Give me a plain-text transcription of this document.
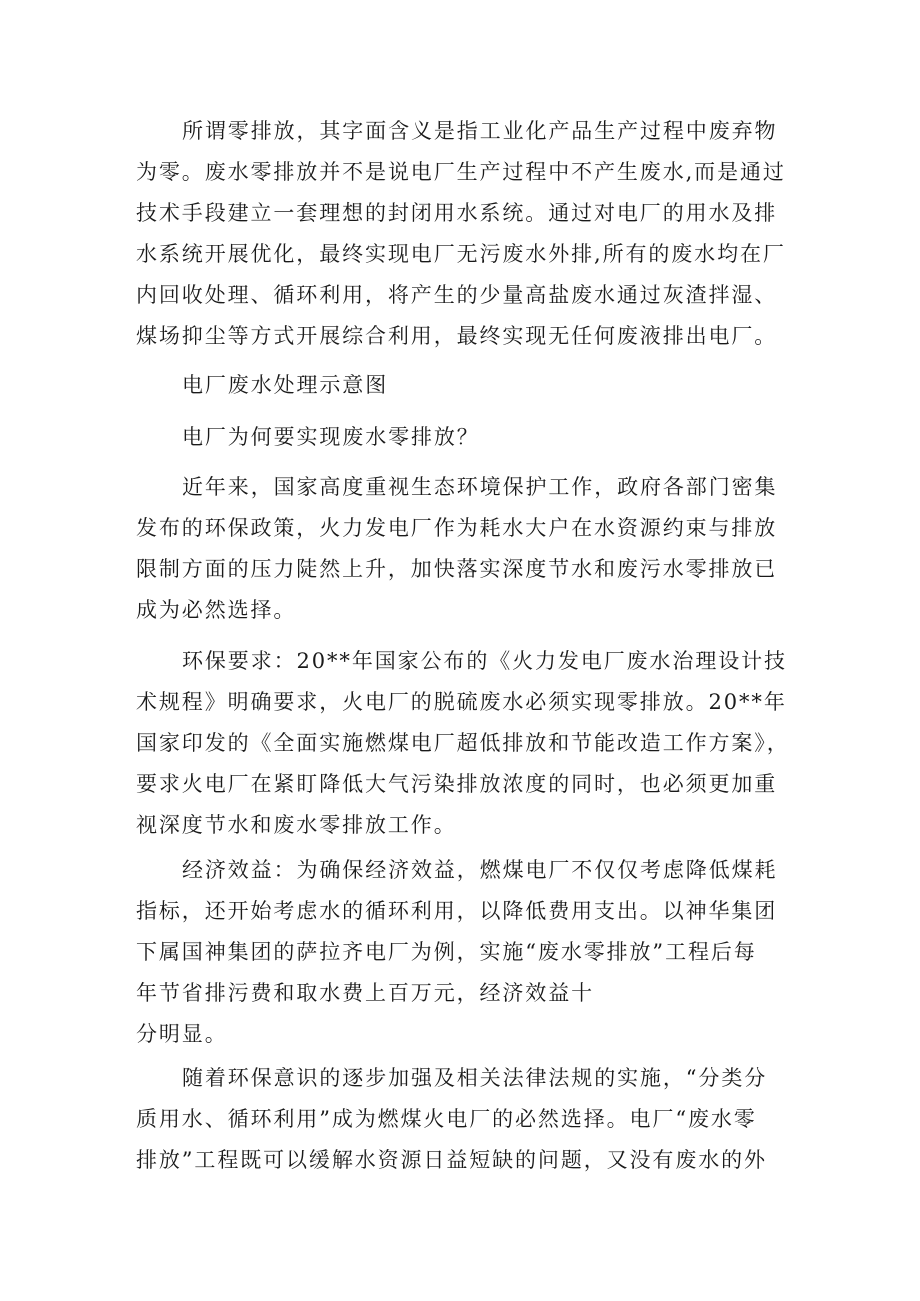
所谓零排放，其字面含义是指工业化产品生产过程中废弃物
为零。废水零排放并不是说电厂生产过程中不产生废水,而是通过
技术手段建立一套理想的封闭用水系统。通过对电厂的用水及排
水系统开展优化，最终实现电厂无污废水外排,所有的废水均在厂
内回收处理、循环利用，将产生的少量高盐废水通过灰渣拌湿、
煤场抑尘等方式开展综合利用，最终实现无任何废液排出电厂。

电厂废水处理示意图

电厂为何要实现废水零排放？

近年来，国家高度重视生态环境保护工作，政府各部门密集
发布的环保政策，火力发电厂作为耗水大户在水资源约束与排放
限制方面的压力陡然上升，加快落实深度节水和废污水零排放已
成为必然选择。

环保要求：20**年国家公布的《火力发电厂废水治理设计技
术规程》明确要求，火电厂的脱硫废水必须实现零排放。20**年
国家印发的《全面实施燃煤电厂超低排放和节能改造工作方案》，
要求火电厂在紧盯降低大气污染排放浓度的同时，也必须更加重
视深度节水和废水零排放工作。

经济效益：为确保经济效益，燃煤电厂不仅仅考虑降低煤耗
指标，还开始考虑水的循环利用，以降低费用支出。以神华集团
下属国神集团的萨拉齐电厂为例，实施“废水零排放”工程后每
年节省排污费和取水费上百万元，经济效益十
分明显。

随着环保意识的逐步加强及相关法律法规的实施，“分类分
质用水、循环利用”成为燃煤火电厂的必然选择。电厂“废水零
排放”工程既可以缓解水资源日益短缺的问题，又没有废水的外
